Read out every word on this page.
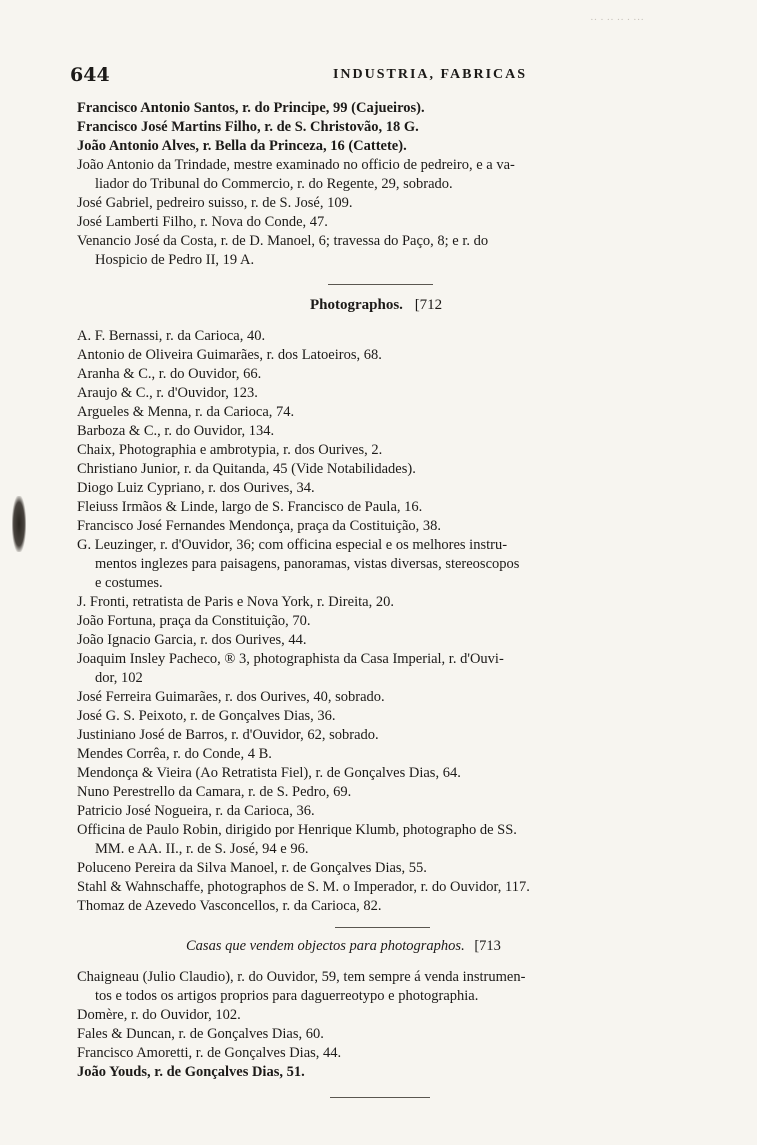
·· · ·· ·· · ···
644	INDUSTRIA, FABRICAS
Francisco Antonio Santos, r. do Principe, 99 (Cajueiros).
Francisco José Martins Filho, r. de S. Christovão, 18 G.
João Antonio Alves, r. Bella da Princeza, 16 (Cattete).
João Antonio da Trindade, mestre examinado no officio de pedreiro, e a va-
liador do Tribunal do Commercio, r. do Regente, 29, sobrado.
José Gabriel, pedreiro suisso, r. de S. José, 109.
José Lamberti Filho, r. Nova do Conde, 47.
Venancio José da Costa, r. de D. Manoel, 6; travessa do Paço, 8; e r. do
Hospicio de Pedro II, 19 A.
Photographos. [712
A. F. Bernassi, r. da Carioca, 40.
Antonio de Oliveira Guimarães, r. dos Latoeiros, 68.
Aranha & C., r. do Ouvidor, 66.
Araujo & C., r. d'Ouvidor, 123.
Argueles & Menna, r. da Carioca, 74.
Barboza & C., r. do Ouvidor, 134.
Chaix, Photographia e ambrotypia, r. dos Ourives, 2.
Christiano Junior, r. da Quitanda, 45 (Vide Notabilidades).
Diogo Luiz Cypriano, r. dos Ourives, 34.
Fleiuss Irmãos & Linde, largo de S. Francisco de Paula, 16.
Francisco José Fernandes Mendonça, praça da Costituição, 38.
G. Leuzinger, r. d'Ouvidor, 36; com officina especial e os melhores instru-
mentos inglezes para paisagens, panoramas, vistas diversas, stereoscopos
e costumes.
J. Fronti, retratista de Paris e Nova York, r. Direita, 20.
João Fortuna, praça da Constituição, 70.
João Ignacio Garcia, r. dos Ourives, 44.
Joaquim Insley Pacheco, ® 3, photographista da Casa Imperial, r. d'Ouvi-
dor, 102
José Ferreira Guimarães, r. dos Ourives, 40, sobrado.
José G. S. Peixoto, r. de Gonçalves Dias, 36.
Justiniano José de Barros, r. d'Ouvidor, 62, sobrado.
Mendes Corrêa, r. do Conde, 4 B.
Mendonça & Vieira (Ao Retratista Fiel), r. de Gonçalves Dias, 64.
Nuno Perestrello da Camara, r. de S. Pedro, 69.
Patricio José Nogueira, r. da Carioca, 36.
Officina de Paulo Robin, dirigido por Henrique Klumb, photographo de SS.
MM. e AA. II., r. de S. José, 94 e 96.
Poluceno Pereira da Silva Manoel, r. de Gonçalves Dias, 55.
Stahl & Wahnschaffe, photographos de S. M. o Imperador, r. do Ouvidor, 117.
Thomaz de Azevedo Vasconcellos, r. da Carioca, 82.
Casas que vendem objectos para photographos. [713
Chaigneau (Julio Claudio), r. do Ouvidor, 59, tem sempre á venda instrumen-
tos e todos os artigos proprios para daguerreotypo e photographia.
Domère, r. do Ouvidor, 102.
Fales & Duncan, r. de Gonçalves Dias, 60.
Francisco Amoretti, r. de Gonçalves Dias, 44.
João Youds, r. de Gonçalves Dias, 51.
